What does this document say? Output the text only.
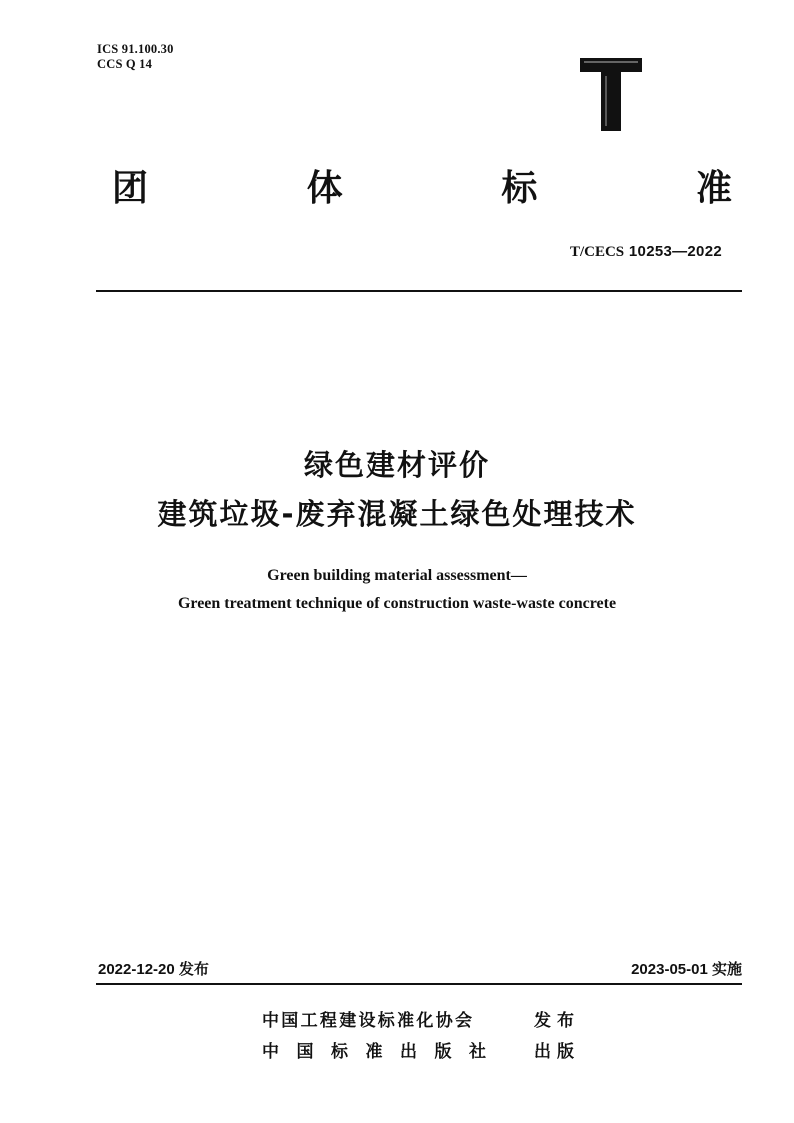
ICS 91.100.30
CCS Q 14
团	体	标	准
T/CECS 10253—2022
绿色建材评价
建筑垃圾-废弃混凝土绿色处理技术
Green building material assessment—
Green treatment technique of construction waste-waste concrete
2022-12-20 发布	2023-05-01 实施
中国工程建设标准化协会	发布
中国标准出版社 出版
